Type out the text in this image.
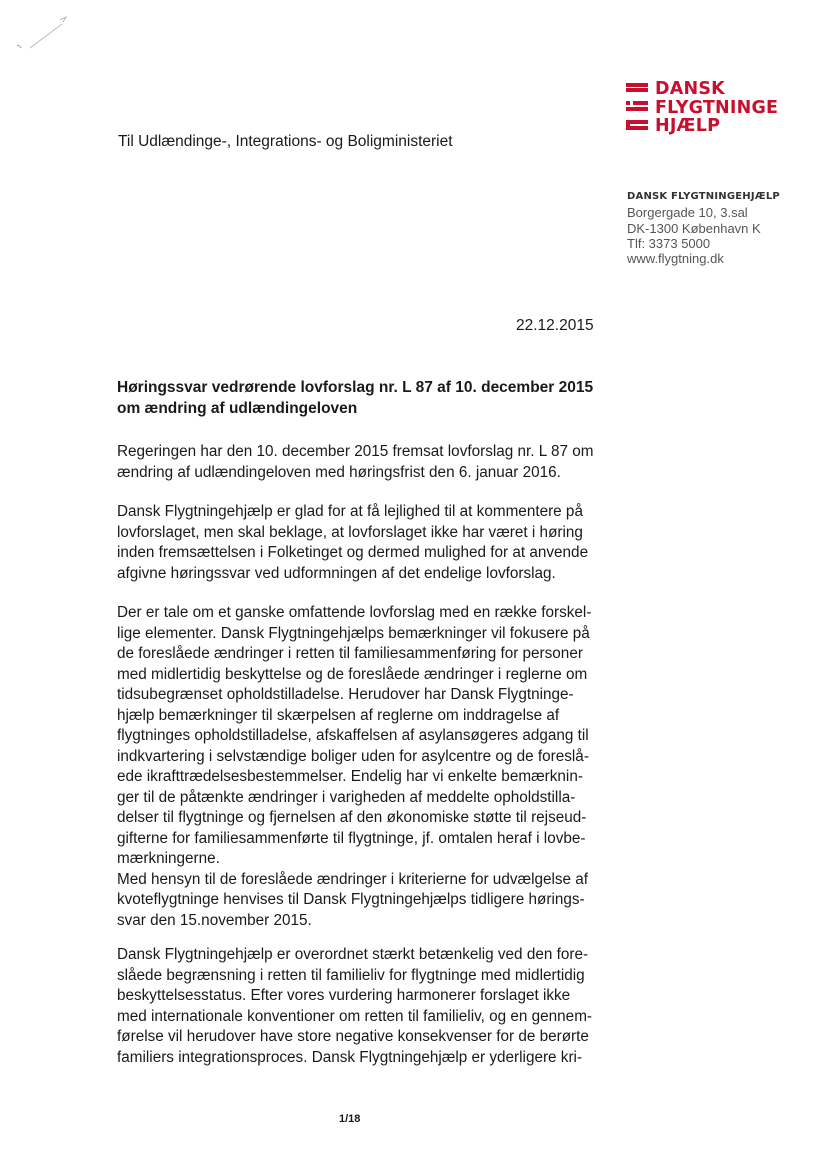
DANSK
FLYGTNINGE
HJÆLP
Til Udlændinge-, Integrations- og Boligministeriet
DANSK FLYGTNINGEHJÆLP
Borgergade 10, 3.sal
DK-1300 København K
Tlf: 3373 5000
www.flygtning.dk
22.12.2015
Høringssvar vedrørende lovforslag nr. L 87 af 10. december 2015
om ændring af udlændingeloven
Regeringen har den 10. december 2015 fremsat lovforslag nr. L 87 om
ændring af udlændingeloven med høringsfrist den 6. januar 2016.
Dansk Flygtningehjælp er glad for at få lejlighed til at kommentere på
lovforslaget, men skal beklage, at lovforslaget ikke har været i høring
inden fremsættelsen i Folketinget og dermed mulighed for at anvende
afgivne høringssvar ved udformningen af det endelige lovforslag.
Der er tale om et ganske omfattende lovforslag med en række forskel-
lige elementer. Dansk Flygtningehjælps bemærkninger vil fokusere på
de foreslåede ændringer i retten til familiesammenføring for personer
med midlertidig beskyttelse og de foreslåede ændringer i reglerne om
tidsubegrænset opholdstilladelse. Herudover har Dansk Flygtninge-
hjælp bemærkninger til skærpelsen af reglerne om inddragelse af
flygtninges opholdstilladelse, afskaffelsen af asylansøgeres adgang til
indkvartering i selvstændige boliger uden for asylcentre og de foreslå-
ede ikrafttrædelsesbestemmelser. Endelig har vi enkelte bemærknin-
ger til de påtænkte ændringer i varigheden af meddelte opholdstilla-
delser til flygtninge og fjernelsen af den økonomiske støtte til rejseud-
gifterne for familiesammenførte til flygtninge, jf. omtalen heraf i lovbe-
mærkningerne.
Med hensyn til de foreslåede ændringer i kriterierne for udvælgelse af
kvoteflygtninge henvises til Dansk Flygtningehjælps tidligere hørings-
svar den 15.november 2015.
Dansk Flygtningehjælp er overordnet stærkt betænkelig ved den fore-
slåede begrænsning i retten til familieliv for flygtninge med midlertidig
beskyttelsesstatus. Efter vores vurdering harmonerer forslaget ikke
med internationale konventioner om retten til familieliv, og en gennem-
førelse vil herudover have store negative konsekvenser for de berørte
familiers integrationsproces. Dansk Flygtningehjælp er yderligere kri-
1/18
